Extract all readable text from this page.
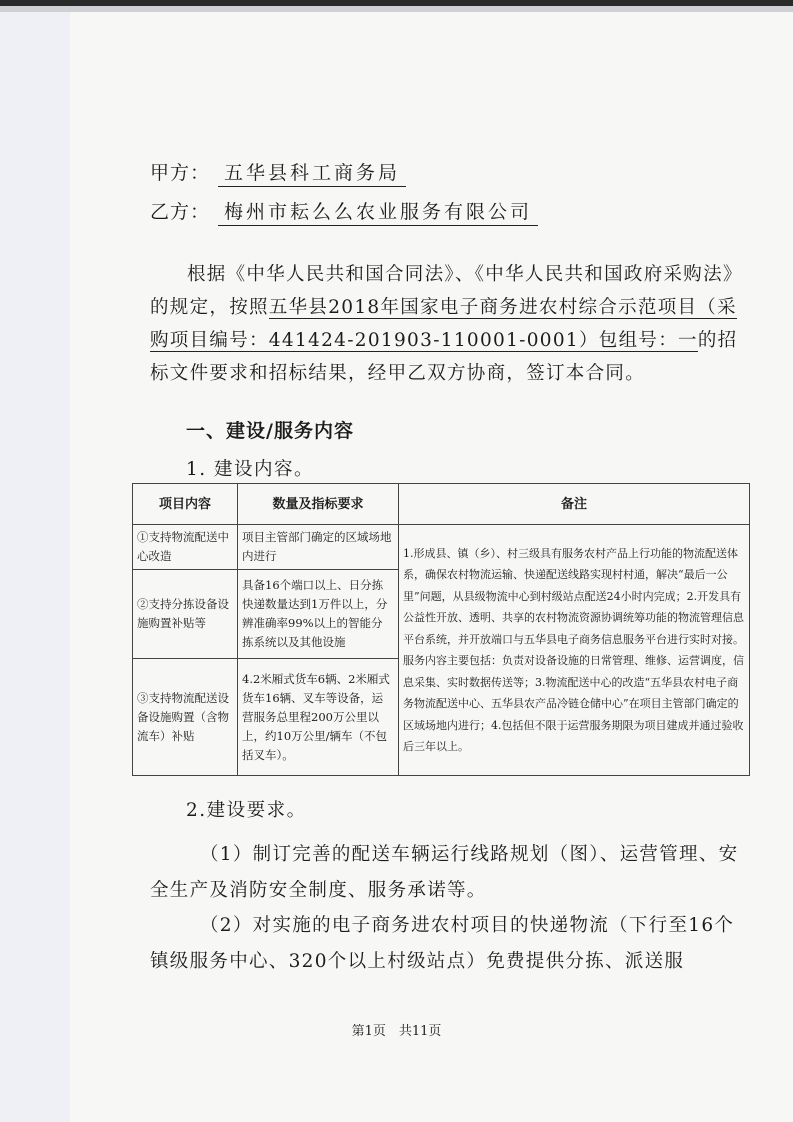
甲方： 五华县科工商务局
乙方： 梅州市耘么么农业服务有限公司
根据《中华人民共和国合同法》、《中华人民共和国政府采购法》的规定，按照五华县2018年国家电子商务进农村综合示范项目（采购项目编号：441424-201903-110001-0001）包组号：一的招标文件要求和招标结果，经甲乙双方协商，签订本合同。
一、建设/服务内容
1. 建设内容。
项目内容	数量及指标要求	备注
①支持物流配送中心改造	项目主管部门确定的区域场地内进行	1.形成县、镇（乡）、村三级具有服务农村产品上行功能的物流配送体系，确保农村物流运输、快递配送线路实现村村通，解决“最后一公里”问题，从县级物流中心到村级站点配送24小时内完成；2.开发具有公益性开放、透明、共享的农村物流资源协调统筹功能的物流管理信息平台系统，并开放端口与五华县电子商务信息服务平台进行实时对接。服务内容主要包括：负责对设备设施的日常管理、维修、运营调度，信息采集、实时数据传送等；3.物流配送中心的改造“五华县农村电子商务物流配送中心、五华县农产品冷链仓储中心”在项目主管部门确定的区域场地内进行；4.包括但不限于运营服务期限为项目建成并通过验收后三年以上。
②支持分拣设备设施购置补贴等	具备16个端口以上、日分拣快递数量达到1万件以上，分辨准确率99%以上的智能分拣系统以及其他设施	
③支持物流配送设备设施购置（含物流车）补贴	4.2米厢式货车6辆、2米厢式货车16辆、叉车等设备，运营服务总里程200万公里以上，约10万公里/辆车（不包括叉车）。	
2.建设要求。
（1）制订完善的配送车辆运行线路规划（图）、运营管理、安全生产及消防安全制度、服务承诺等。
（2）对实施的电子商务进农村项目的快递物流（下行至16个镇级服务中心、320个以上村级站点）免费提供分拣、派送服
第1页　共11页
